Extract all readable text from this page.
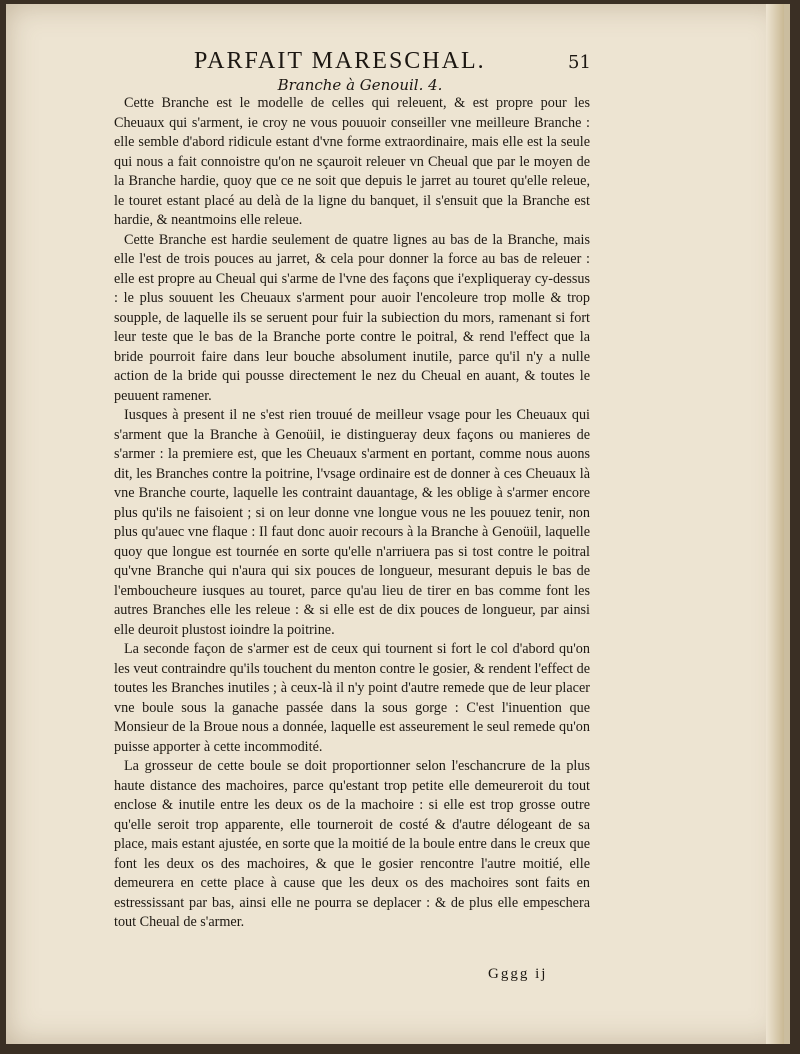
PARFAIT MARESCHAL.	51
Branche à Genouil. 4.

Cette Branche est le modelle de celles qui releuent, & est propre pour les Cheuaux qui s'arment, ie croy ne vous pouuoir conseiller vne meilleure Branche : elle semble d'abord ridicule estant d'vne forme extraordinaire, mais elle est la seule qui nous a fait connoistre qu'on ne sçauroit releuer vn Cheual que par le moyen de la Branche hardie, quoy que ce ne soit que depuis le jarret au touret qu'elle releue, le touret estant placé au delà de la ligne du banquet, il s'ensuit que la Branche est hardie, & neantmoins elle releue.

Cette Branche est hardie seulement de quatre lignes au bas de la Branche, mais elle l'est de trois pouces au jarret, & cela pour donner la force au bas de releuer : elle est propre au Cheual qui s'arme de l'vne des façons que i'expliqueray cy-dessus : le plus souuent les Cheuaux s'arment pour auoir l'encoleure trop molle & trop soupple, de laquelle ils se seruent pour fuir la subiection du mors, ramenant si fort leur teste que le bas de la Branche porte contre le poitral, & rend l'effect que la bride pourroit faire dans leur bouche absolument inutile, parce qu'il n'y a nulle action de la bride qui pousse directement le nez du Cheual en auant, & toutes le peuuent ramener.

Iusques à present il ne s'est rien trouué de meilleur vsage pour les Cheuaux qui s'arment que la Branche à Genoüil, ie distingueray deux façons ou manieres de s'armer : la premiere est, que les Cheuaux s'arment en portant, comme nous auons dit, les Branches contre la poitrine, l'vsage ordinaire est de donner à ces Cheuaux là vne Branche courte, laquelle les contraint dauantage, & les oblige à s'armer encore plus qu'ils ne faisoient ; si on leur donne vne longue vous ne les pouuez tenir, non plus qu'auec vne flaque : Il faut donc auoir recours à la Branche à Genoüil, laquelle quoy que longue est tournée en sorte qu'elle n'arriuera pas si tost contre le poitral qu'vne Branche qui n'aura qui six pouces de longueur, mesurant depuis le bas de l'emboucheure iusques au touret, parce qu'au lieu de tirer en bas comme font les autres Branches elle les releue : & si elle est de dix pouces de longueur, par ainsi elle deuroit plustost ioindre la poitrine.

La seconde façon de s'armer est de ceux qui tournent si fort le col d'abord qu'on les veut contraindre qu'ils touchent du menton contre le gosier, & rendent l'effect de toutes les Branches inutiles ; à ceux-là il n'y point d'autre remede que de leur placer vne boule sous la ganache passée dans la sous gorge : C'est l'inuention que Monsieur de la Broue nous a donnée, laquelle est asseurement le seul remede qu'on puisse apporter à cette incommodité.

La grosseur de cette boule se doit proportionner selon l'eschancrure de la plus haute distance des machoires, parce qu'estant trop petite elle demeureroit du tout enclose & inutile entre les deux os de la machoire : si elle est trop grosse outre qu'elle seroit trop apparente, elle tourneroit de costé & d'autre délogeant de sa place, mais estant ajustée, en sorte que la moitié de la boule entre dans le creux que font les deux os des machoires, & que le gosier rencontre l'autre moitié, elle demeurera en cette place à cause que les deux os des machoires sont faits en estressissant par bas, ainsi elle ne pourra se deplacer : & de plus elle empeschera tout Cheual de s'armer.

Gggg ij
